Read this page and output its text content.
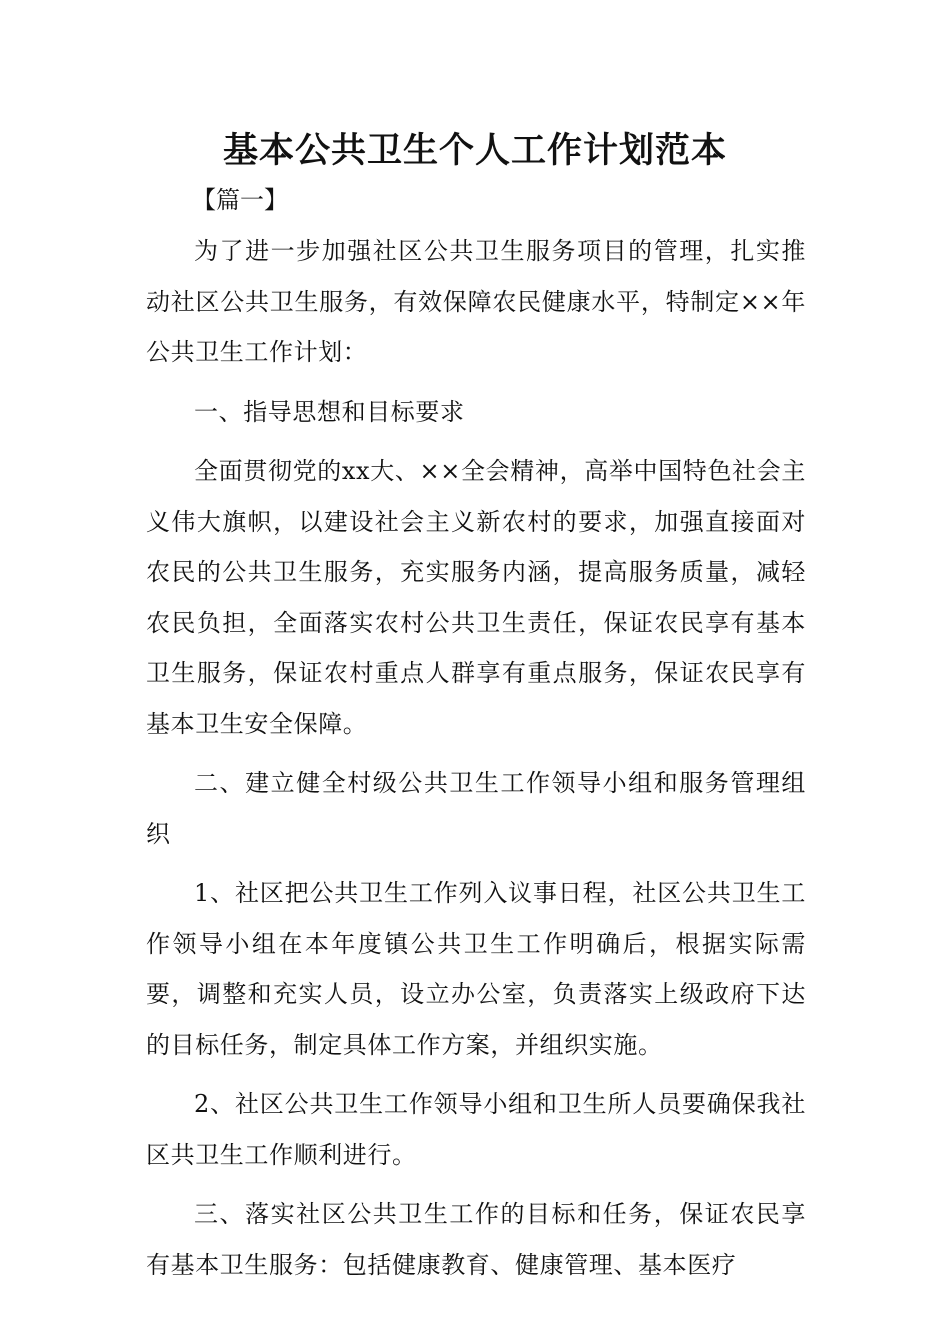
基本公共卫生个人工作计划范本
【篇一】

为了进一步加强社区公共卫生服务项目的管理，扎实推动社区公共卫生服务，有效保障农民健康水平，特制定××年公共卫生工作计划：

一、指导思想和目标要求

全面贯彻党的xx大、××全会精神，高举中国特色社会主义伟大旗帜，以建设社会主义新农村的要求，加强直接面对农民的公共卫生服务，充实服务内涵，提高服务质量，减轻农民负担，全面落实农村公共卫生责任，保证农民享有基本卫生服务，保证农村重点人群享有重点服务，保证农民享有基本卫生安全保障。

二、建立健全村级公共卫生工作领导小组和服务管理组织

1、社区把公共卫生工作列入议事日程，社区公共卫生工作领导小组在本年度镇公共卫生工作明确后，根据实际需要，调整和充实人员，设立办公室，负责落实上级政府下达的目标任务，制定具体工作方案，并组织实施。

2、社区公共卫生工作领导小组和卫生所人员要确保我社区共卫生工作顺利进行。

三、落实社区公共卫生工作的目标和任务，保证农民享有基本卫生服务：包括健康教育、健康管理、基本医疗
